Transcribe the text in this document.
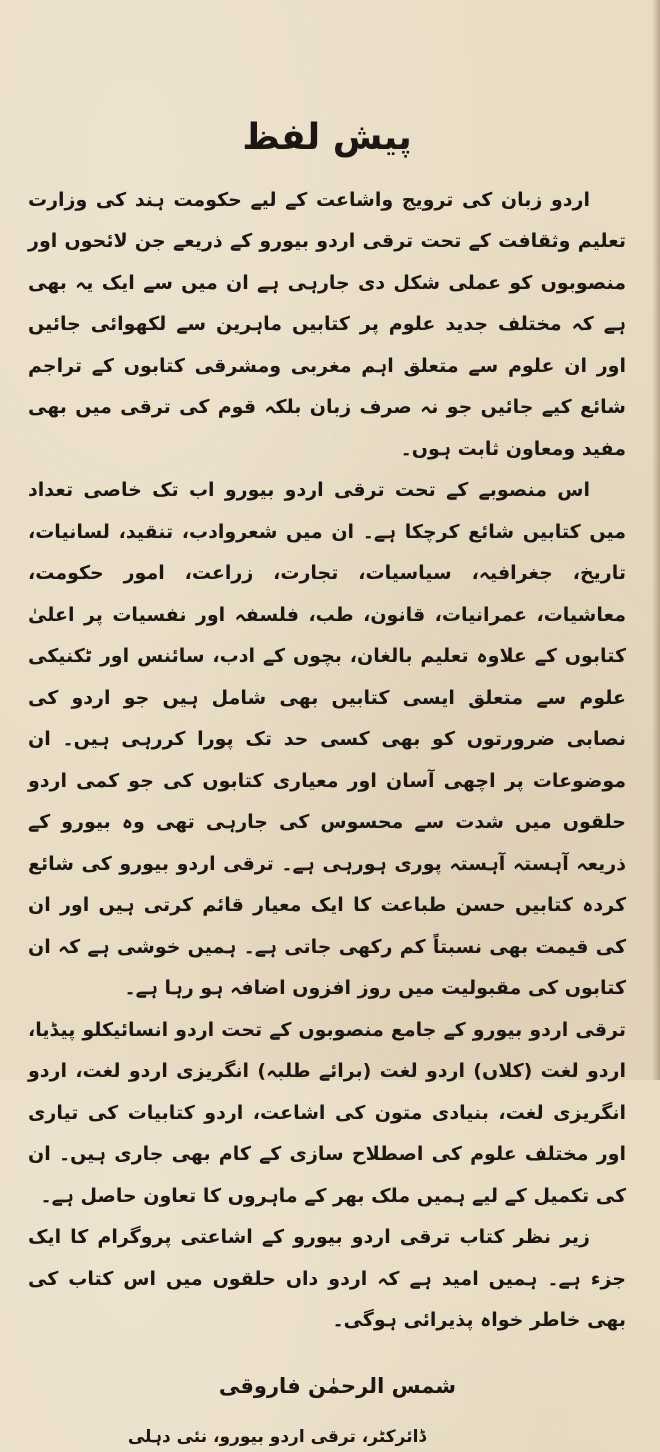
پیش لفظ

اردو زبان کی ترویج واشاعت کے لیے حکومت ہند کی وزارت تعلیم وثقافت کے تحت ترقی اردو بیورو کے ذریعے جن لائحوں اور منصوبوں کو عملی شکل دی جارہی ہے ان میں سے ایک یہ بھی ہے کہ مختلف جدید علوم پر کتابیں ماہرین سے لکھوائی جائیں اور ان علوم سے متعلق اہم مغربی ومشرقی کتابوں کے تراجم شائع کیے جائیں جو نہ صرف زبان بلکہ قوم کی ترقی میں بھی مفید ومعاون ثابت ہوں۔

اس منصوبے کے تحت ترقی اردو بیورو اب تک خاصی تعداد میں کتابیں شائع کرچکا ہے۔ ان میں شعروادب، تنقید، لسانیات، تاریخ، جغرافیہ، سیاسیات، تجارت، زراعت، امور حکومت، معاشیات، عمرانیات، قانون، طب، فلسفہ اور نفسیات پر اعلیٰ کتابوں کے علاوہ تعلیم بالغان، بچوں کے ادب، سائنس اور ٹکنیکی علوم سے متعلق ایسی کتابیں بھی شامل ہیں جو اردو کی نصابی ضرورتوں کو بھی کسی حد تک پورا کررہی ہیں۔ ان موضوعات پر اچھی آسان اور معیاری کتابوں کی جو کمی اردو حلقوں میں شدت سے محسوس کی جارہی تھی وہ بیورو کے ذریعہ آہستہ آہستہ پوری ہورہی ہے۔ ترقی اردو بیورو کی شائع کردہ کتابیں حسن طباعت کا ایک معیار قائم کرتی ہیں اور ان کی قیمت بھی نسبتاً کم رکھی جاتی ہے۔ ہمیں خوشی ہے کہ ان کتابوں کی مقبولیت میں روز افزوں اضافہ ہو رہا ہے۔

ترقی اردو بیورو کے جامع منصوبوں کے تحت اردو انسائیکلو پیڈیا، اردو لغت (کلاں) اردو لغت (برائے طلبہ) انگریزی اردو لغت، اردو انگریزی لغت، بنیادی متون کی اشاعت، اردو کتابیات کی تیاری اور مختلف علوم کی اصطلاح سازی کے کام بھی جاری ہیں۔ ان کی تکمیل کے لیے ہمیں ملک بھر کے ماہروں کا تعاون حاصل ہے۔

زیر نظر کتاب ترقی اردو بیورو کے اشاعتی پروگرام کا ایک جزء ہے۔ ہمیں امید ہے کہ اردو داں حلقوں میں اس کتاب کی بھی خاطر خواہ پذیرائی ہوگی۔

شمس الرحمٰن فاروقی
ڈائرکٹر، ترقی اردو بیورو، نئی دہلی
